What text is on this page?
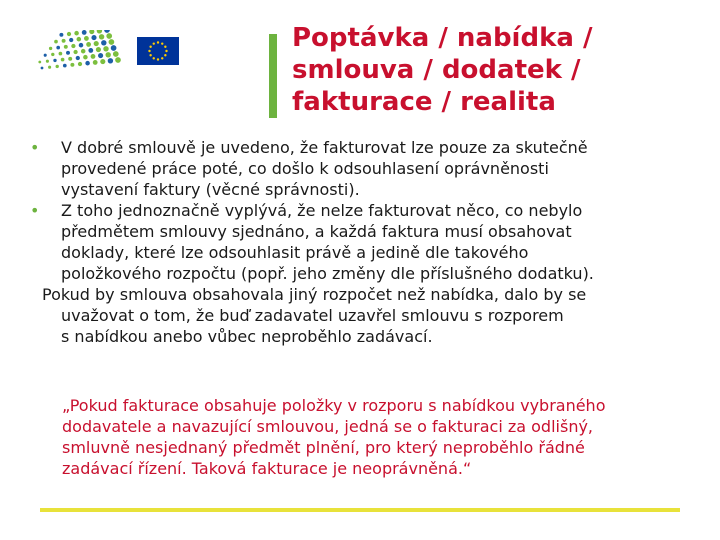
Poptávka / nabídka /
smlouva / dodatek /
fakturace / realita
• V dobré smlouvě je uvedeno, že fakturovat lze pouze za skutečně
provedené práce poté, co došlo k odsouhlasení oprávněnosti
vystavení faktury (věcné správnosti).
• Z toho jednoznačně vyplývá, že nelze fakturovat něco, co nebylo
předmětem smlouvy sjednáno, a každá faktura musí obsahovat
doklady, které lze odsouhlasit právě a jedině dle takového
položkového rozpočtu (popř. jeho změny dle příslušného dodatku).
Pokud by smlouva obsahovala jiný rozpočet než nabídka, dalo by se
uvažovat o tom, že buď zadavatel uzavřel smlouvu s rozporem
s nabídkou anebo vůbec neproběhlo zadávací.
„Pokud fakturace obsahuje položky v rozporu s nabídkou vybraného
dodavatele a navazující smlouvou, jedná se o fakturaci za odlišný,
smluvně nesjednaný předmět plnění, pro který neproběhlo řádné
zadávací řízení. Taková fakturace je neoprávněná.“
